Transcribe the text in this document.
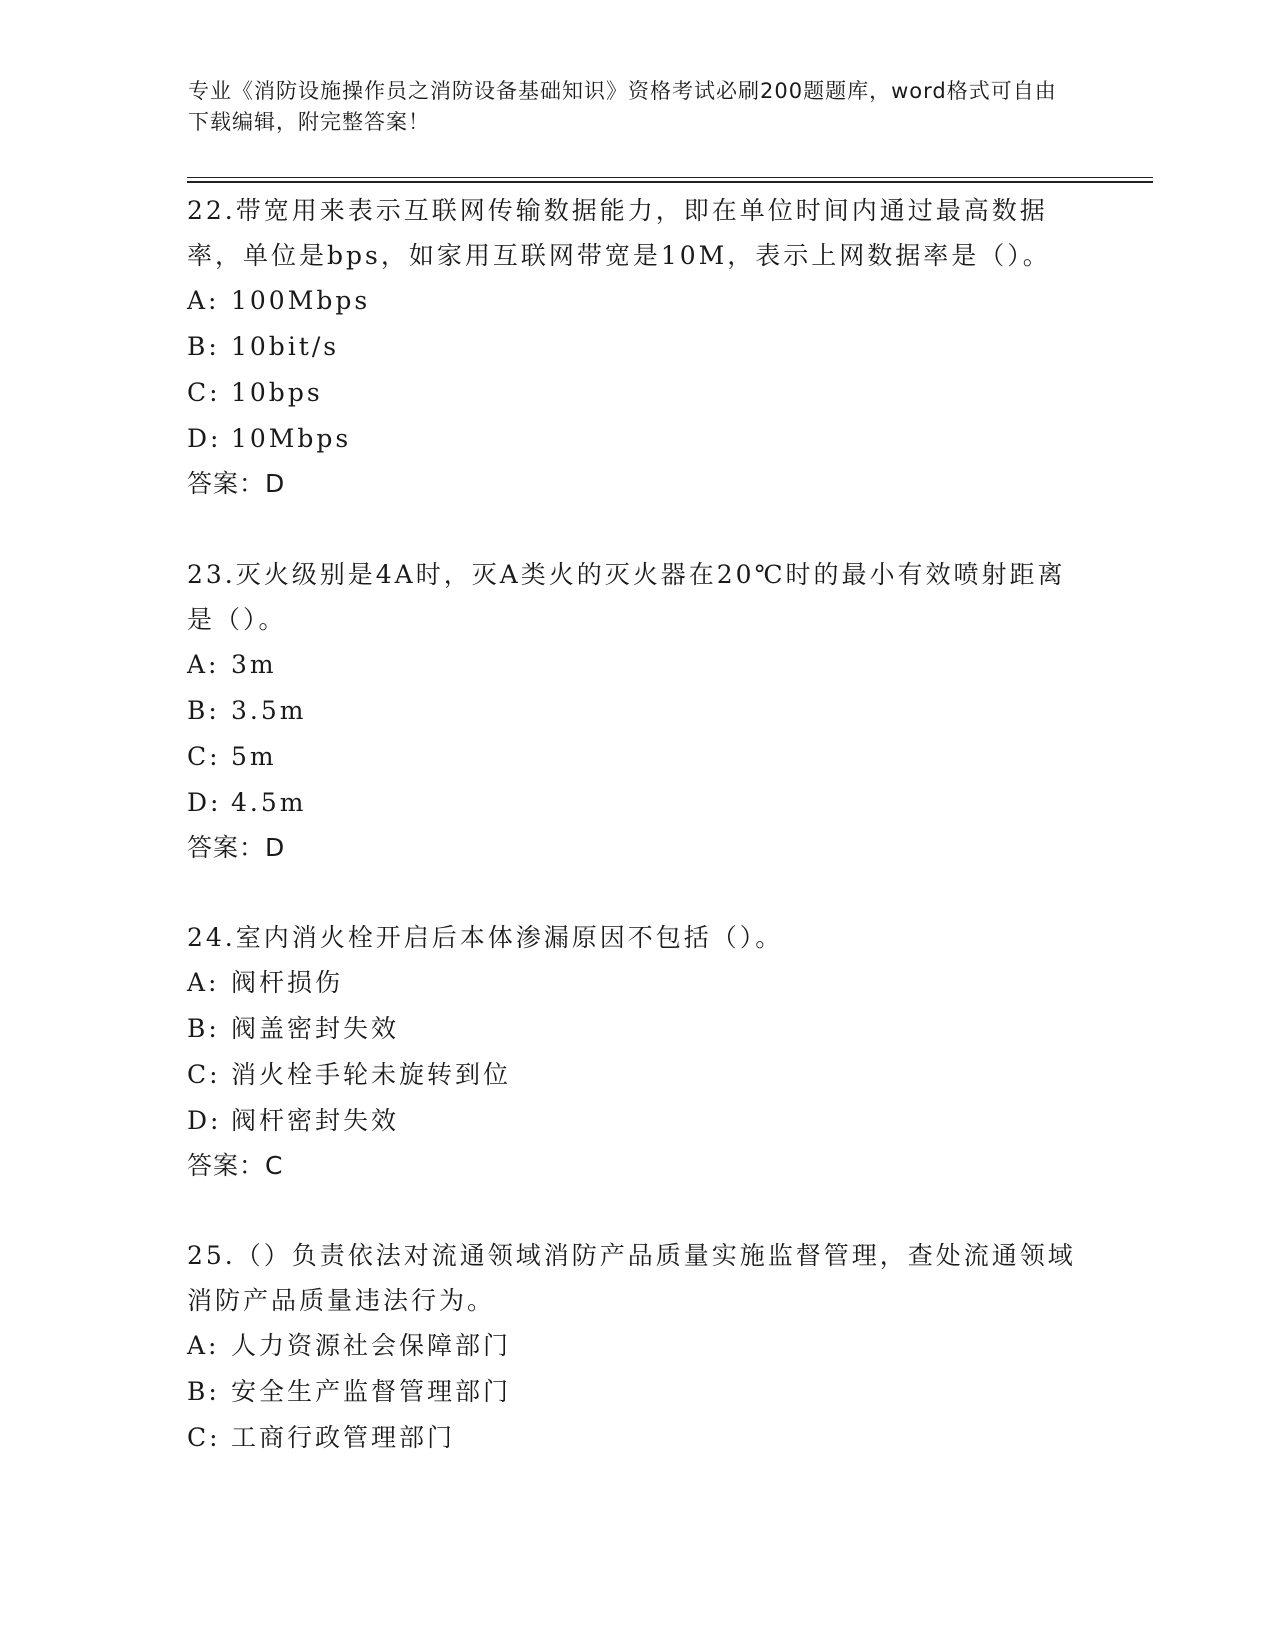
专业《消防设施操作员之消防设备基础知识》资格考试必刷200题题库，word格式可自由下载编辑，附完整答案！

22.带宽用来表示互联网传输数据能力，即在单位时间内通过最高数据率，单位是bps，如家用互联网带宽是10M，表示上网数据率是（）。

A: 100Mbps

B: 10bit/s

C: 10bps

D: 10Mbps

答案：D

23.灭火级别是4A时，灭A类火的灭火器在20℃时的最小有效喷射距离是（）。

A: 3m

B: 3.5m

C: 5m

D: 4.5m

答案：D

24.室内消火栓开启后本体渗漏原因不包括（）。

A: 阀杆损伤

B: 阀盖密封失效

C: 消火栓手轮未旋转到位

D: 阀杆密封失效

答案：C

25.（）负责依法对流通领域消防产品质量实施监督管理，查处流通领域消防产品质量违法行为。

A: 人力资源社会保障部门

B: 安全生产监督管理部门

C: 工商行政管理部门
